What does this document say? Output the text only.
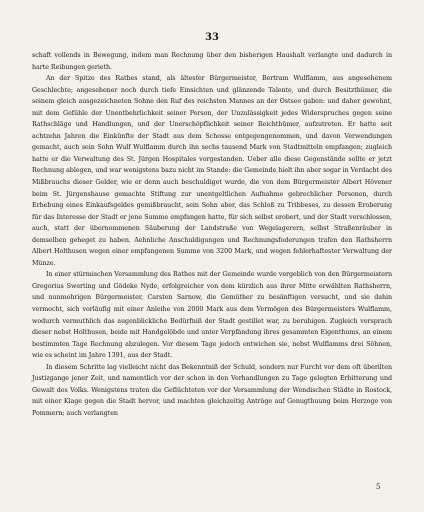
33

schaft vollends in Bewegung, indem man Rechnung über den bisherigen Haushalt verlangte und dadurch in harte Reibungen gerieth.

An der Spitze des Rathes stand, als ältester Bürgermeister, Bertram Wulflamm, aus angesehenem Geschlechte; angesehener noch durch tiefe Einsichten und glänzende Talente, und durch Besitzthümer, die seinem gleich ausgezeichneten Sohne den Ruf des reichsten Mannes an der Ostsee gaben: und daher gewohnt, mit dem Gefühle der Unentbehrlichkeit seiner Person, der Unzulässigkeit jedes Widerspruches gegen seine Rathschläge und Handlungen, und der Unerschöpflichkeit seiner Reichthümer, aufzutreten. Er hatte seit achtzehn Jahren die Einkünfte der Stadt aus dem Schosse entgegengenommen, und davon Verwendungen gemacht, auch sein Sohn Wulf Wulflamm durch ihn sechs tausend Mark von Stadtmitteln empfangen; zugleich hatte er die Verwaltung des St. Jürgen Hospitales vorgestanden. Ueber alle diese Gegenstände sollte er jetzt Rechnung ablegen, und war wenigstens bazu nicht im Stande: die Gemeinde hielt ihn aber sogar in Verdacht des Mißbrauchs dieser Gelder, wie er denn auch beschuldiget wurde, die von dem Bürgermeister Albert Hövener beim St. Jürgenshause gemachte Stiftung zur unentgeltlichen Aufnahme gebrechlicher Personen, durch Erhebung eines Einkaufsgeldes gemißbraucht, sein Sohn aber, das Schloß zu Tribbeses, zu dessen Eroberung für das Interesse der Stadt er jene Summe empfangen hatte, für sich selbst erobert, und der Stadt verschlossen, auch, statt der übernommenen Säuberung der Landstraße von Wegelagerern, selbst Straßenräuber in demselben geheget zu haben. Aehnliche Anschuldigungen und Rechnungsfoderungen trafen den Rathsherrn Albert Holthusen wegen einer empfangenen Summe von 3200 Mark, und wegen fehlerhaftester Verwaltung der Münze.

In einer stürmischen Versammlung des Rathes mit der Gemeinde wurde vergeblich von den Bürgermeistern Gregorius Swerting und Gödeke Nyde, erfolgreicher von dem kürzlich aus ihrer Mitte erwählten Rathsherrn, und nunmehrigen Bürgermeister, Carsten Sarnow, die Gemüther zu besänftigen versucht, und sie dahin vermocht, sich vorläufig mit einer Anleihe von 2000 Mark aus dem Vermögen des Bürgermeisters Wulflamm, wodurch vermuthlich das augenblickliche Bedürfniß der Stadt gestillet war, zu beruhigen. Zugleich versprach dieser nebst Holthusen, beide mit Handgelöbde und unter Verpfändung ihres gesammten Eigenthums, an einem bestimmten Tage Rechnung abzulegen. Vor diesem Tage jedoch entwichen sie, nebst Wulflamms drei Söhnen, wie es scheint im Jahre 1391, aus der Stadt.

In diesem Schritte lag vielleicht nicht das Bekenntniß der Schuld, sondern nur Furcht vor dem oft überilten Justizgange jener Zeit, und namentlich vor der schon in den Verhandlungen zu Tage gelegten Erbitterung und Gewalt des Volks. Wenigstens traten die Geflüchteten vor der Versammlung der Wendischen Städte in Rostock, mit einer Klage gegen die Stadt hervor, und machten gleichzeitig Anträge auf Genugthuung beim Herzoge von Pommern; auch verlangten

5
